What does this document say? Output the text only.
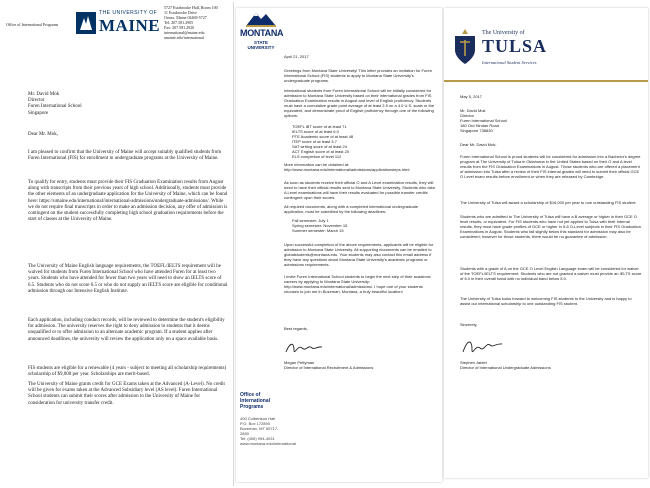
Office of International Programs
THE UNIVERSITY OF
MAINE
5727 Estabrooke Hall, Room 100
11 Estabrooke Drive
Orono, Maine 04469-5727
Tel: 207.581.2905
Fax: 207.581.2920
international@maine.edu
umaine.edu/international
Mr. David Mok
Director
Furen International School
Singapore
Dear Mr. Mok,
I am pleased to confirm that the University of Maine will accept suitably qualified students from Furen International (FIS) for enrollment in undergraduate programs at the University of Maine.
To qualify for entry, students must provide their FIS Graduation Examination results from August along with transcripts from their previous years of high school. Additionally, students must provide the other elements of an undergraduate application for the University of Maine, which can be found here: https://umaine.edu/international/international-admissions/undergraduate-admissions/. While we do not require final transcripts in order to make an admission decision, any offer of admission is contingent on the student successfully completing high school graduation requirements before the start of classes at the University of Maine.
The University of Maine English language requirements, the TOEFL/IELTS requirement will be waived for students from Furen International School who have attended Furen for at least two years. Students who have attended for fewer than two years will need to show an IELTS score of 6.5. Students who do not score 6.5 or who do not supply an IELTS score are eligible for conditional admission through our Intensive English Institute.
Each application, including conduct records, will be reviewed to determine the student's eligibility for admission. The university reserves the right to deny admission to students that it deems unqualified or to offer admission to an alternate academic program. If a student applies after announced deadlines, the university will review the application only on a space available basis.
FIS students are eligible for a renewable (4 years - subject to meeting all scholarship requirements) scholarship of $9,000 per year. Scholarships are merit-based.
The University of Maine grants credit for GCE Exams taken at the Advanced (A-Level). No credit will be given for exams taken at the Advanced Subsidiary level (AS level). Furen International School students can submit their scores after admission to the University of Maine for consideration for university transfer credit.
MONTANA
STATE UNIVERSITY
April 21, 2017
Greetings from Montana State University! This letter provides an invitation for Furen International School (FIS) students to apply to Montana State University's undergraduate programs.
International students from Furen International School will be initially considered for admission to Montana State University based on their international grades from FIS Graduation Examination results in August and level of English proficiency. Students must have a cumulative grade point average of at least 2.5 on a 4.0 U.S. scale or the equivalent, and demonstrate proof of English proficiency through one of the following options:
TOEFL iBT score of at least 71
IELTS score of at least 6.0
PTE Academic score of at least 48
ITEP score of at least 3.7
SAT writing score of at least 24
ACT English score of at least 20
ELS completion of level 112
More information can be obtained at: http://www.montana.edu/international/admissions/applicationsteps.html
As soon as students receive their official O and A Level examination results, they will need to have their official results sent to Montana State University. Students who take A Level examinations will have their results evaluated for possible transfer credits contingent upon their scores.
All required documents, along with a completed international undergraduate application, must be submitted by the following deadlines:
Fall semester: July 1
Spring semester: November 15
Summer semester: March 15
Upon successful completion of the above requirements, applicants will be eligible for admission to Montana State University. All supporting documents can be emailed to globalstudents@montana.edu. Your students may also contact this email address if they have any questions about Montana State University's academic programs or admissions requirements.
I invite Furen International School students to begin the next step of their academic careers by applying to Montana State University: http://www.montana.edu/international/admissions/. I hope one of your students chooses to join me in Bozeman, Montana, a truly beautiful location!
Best regards,
Megan Pettyman
Director of International Recruitment & Admissions
Office of
International
Programs
400 Culbertson Hall
P.O. Box 172890
Bozeman, MT 59717-2890
Tel: (406) 994-4031
www.montana.edu/international
The University of
TULSA
International Student Services
May 5, 2017
Mr. David Mok
Director
Furen International School
180 Ord Hindan Road
Singapore 738830
Dear Mr. David Mok:
Furen International School is proud students will be considered for admission into a Bachelor's degree program at The University of Tulsa in Oklahoma in the United States based on their O and A level results from the FIS Graduation Examinations in August. Those students who are offered a placement of admission into Tulsa after a review of their FIS internal grades will need to submit their official GCE O Level exam results before enrollment or when they are released by Cambridge.
The University of Tulsa will award a scholarship of $16,000 per year to one outstanding FIS student.
Students who are admitted to The University of Tulsa will have a B average or higher in their GCE O level results, or equivalent. For FIS students who have not yet applied to Tulsa with their internal results, they must have grade profiles of GCE or higher in 5-6 O-Level subjects in their FIS Graduation Examinations in August. Students who fall slightly below this standard for admission may also be considered; however for those students, there would be no guarantee of admission.
Students with a grade of A on the GCE O Level English Language exam will be considered for waiver of the TOEFL/IELTS requirement. Students who are not granted a waiver must provide an IELTS score of 6.0 in their overall band with no individual band below 5.0.
The University of Tulsa looks forward to welcoming FIS students to the University and is happy to assist our international scholarship to one outstanding FIS student.
Sincerely,
Stephen Jablet
Director of International Undergraduate Admissions
